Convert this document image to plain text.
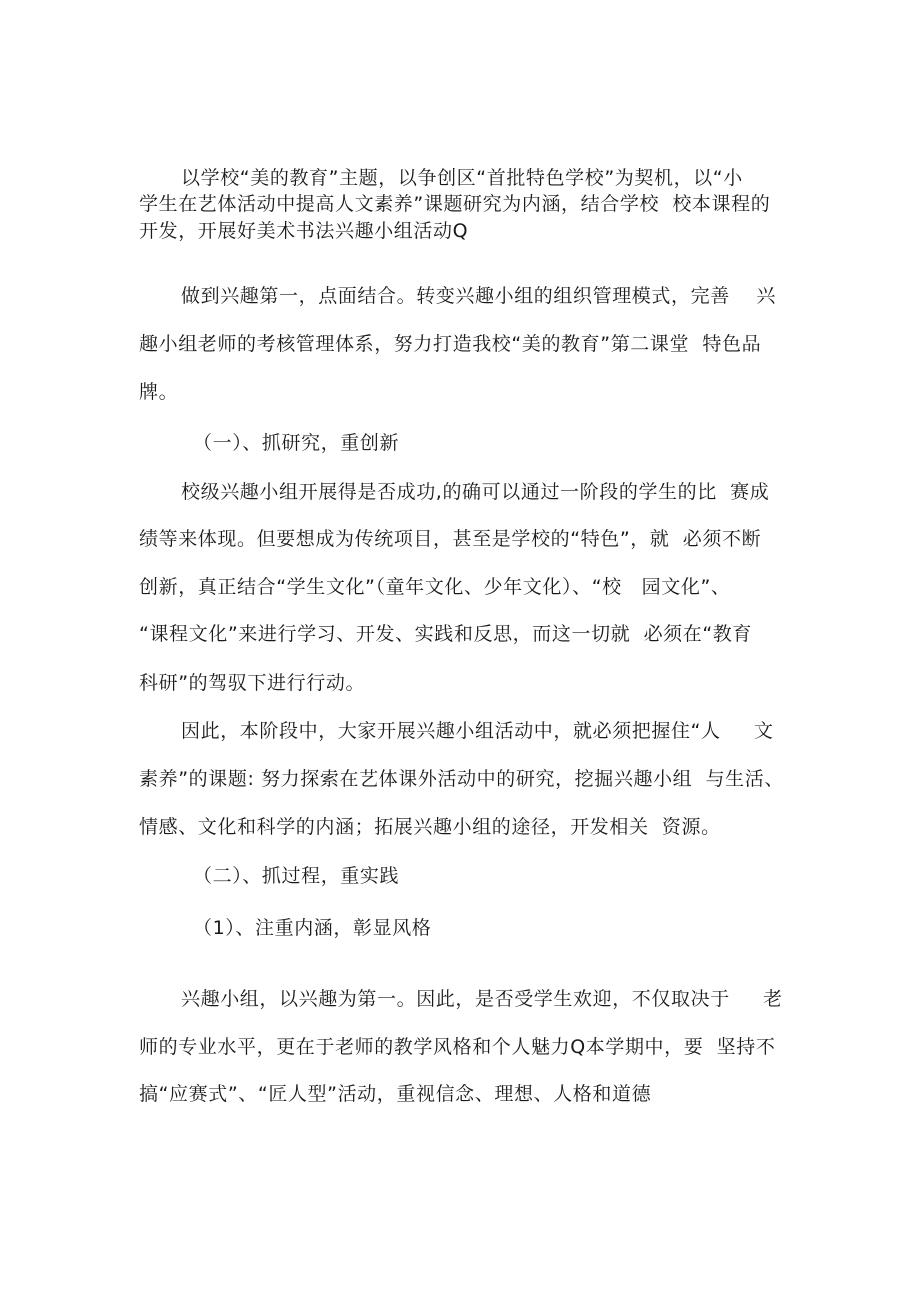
以学校“美的教育”主题，以争创区“首批特色学校”为契机，以“小
学生在艺体活动中提高人文素养”课题研究为内涵，结合学校  校本课程的
开发，开展好美术书法兴趣小组活动Q
做到兴趣第一，点面结合。转变兴趣小组的组织管理模式，完善    兴
趣小组老师的考核管理体系，努力打造我校“美的教育”第二课堂  特色品
牌。
（一）、抓研究，重创新
校级兴趣小组开展得是否成功,的确可以通过一阶段的学生的比  赛成
绩等来体现。但要想成为传统项目，甚至是学校的“特色”，就  必须不断
创新，真正结合“学生文化”（童年文化、少年文化）、“校   园文化”、
“课程文化”来进行学习、开发、实践和反思，而这一切就  必须在“教育
科研”的驾驭下进行行动。
因此，本阶段中，大家开展兴趣小组活动中，就必须把握住“人     文
素养”的课题: 努力探索在艺体课外活动中的研究，挖掘兴趣小组  与生活、
情感、文化和科学的内涵；拓展兴趣小组的途径，开发相关  资源。
（二）、抓过程，重实践
（1）、注重内涵，彰显风格
兴趣小组，以兴趣为第一。因此，是否受学生欢迎，不仅取决于     老
师的专业水平，更在于老师的教学风格和个人魅力Q本学期中，要  坚持不
搞“应赛式”、“匠人型”活动，重视信念、理想、人格和道德
